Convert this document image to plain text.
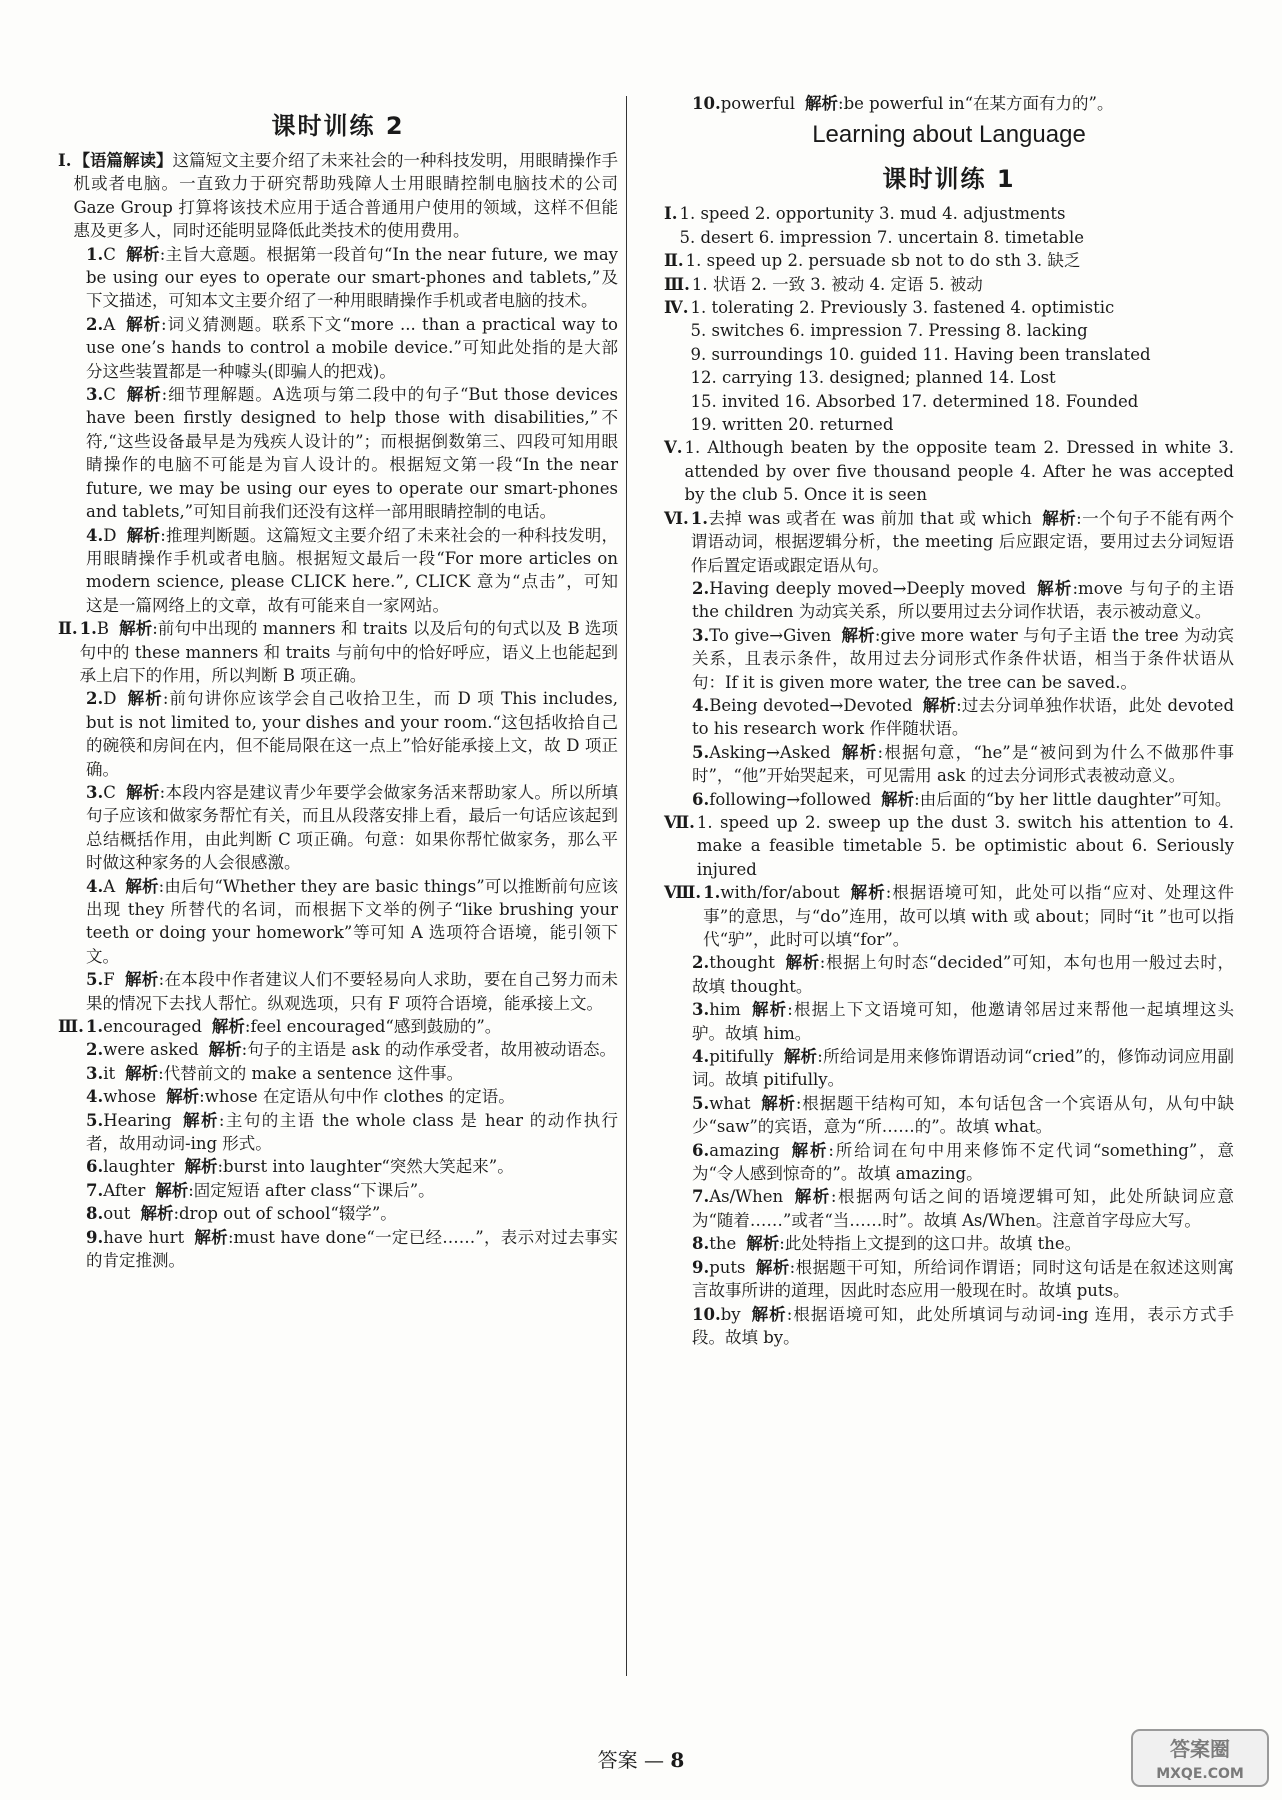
课时训练 2
Ⅰ. 【语篇解读】这篇短文主要介绍了未来社会的一种科技发明，用眼睛操作手机或者电脑。一直致力于研究帮助残障人士用眼睛控制电脑技术的公司 Gaze Group 打算将该技术应用于适合普通用户使用的领域，这样不但能惠及更多人，同时还能明显降低此类技术的使用费用。
1.C 解析:主旨大意题。根据第一段首句“In the near future, we may be using our eyes to operate our smart-phones and tablets,”及下文描述，可知本文主要介绍了一种用眼睛操作手机或者电脑的技术。
2.A 解析:词义猜测题。联系下文“more ... than a practical way to use one’s hands to control a mobile device.”可知此处指的是大部分这些装置都是一种噱头(即骗人的把戏)。
3.C 解析:细节理解题。A选项与第二段中的句子“But those devices have been firstly designed to help those with disabilities,”不符,“这些设备最早是为残疾人设计的”；而根据倒数第三、四段可知用眼睛操作的电脑不可能是为盲人设计的。根据短文第一段“In the near future, we may be using our eyes to operate our smart-phones and tablets,”可知目前我们还没有这样一部用眼睛控制的电话。
4.D 解析:推理判断题。这篇短文主要介绍了未来社会的一种科技发明，用眼睛操作手机或者电脑。根据短文最后一段“For more articles on modern science, please CLICK here.”, CLICK 意为“点击”，可知这是一篇网络上的文章，故有可能来自一家网站。
Ⅱ. 1.B 解析:前句中出现的 manners 和 traits 以及后句的句式以及 B 选项句中的 these manners 和 traits 与前句中的恰好呼应，语义上也能起到承上启下的作用，所以判断 B 项正确。
2.D 解析:前句讲你应该学会自己收拾卫生，而 D 项 This includes, but is not limited to, your dishes and your room.“这包括收拾自己的碗筷和房间在内，但不能局限在这一点上”恰好能承接上文，故 D 项正确。
3.C 解析:本段内容是建议青少年要学会做家务活来帮助家人。所以所填句子应该和做家务帮忙有关，而且从段落安排上看，最后一句话应该起到总结概括作用，由此判断 C 项正确。句意：如果你帮忙做家务，那么平时做这种家务的人会很感激。
4.A 解析:由后句“Whether they are basic things”可以推断前句应该出现 they 所替代的名词，而根据下文举的例子“like brushing your teeth or doing your homework”等可知 A 选项符合语境，能引领下文。
5.F 解析:在本段中作者建议人们不要轻易向人求助，要在自己努力而未果的情况下去找人帮忙。纵观选项，只有 F 项符合语境，能承接上文。
Ⅲ. 1.encouraged 解析:feel encouraged“感到鼓励的”。
2.were asked 解析:句子的主语是 ask 的动作承受者，故用被动语态。
3.it 解析:代替前文的 make a sentence 这件事。
4.whose 解析:whose 在定语从句中作 clothes 的定语。
5.Hearing 解析:主句的主语 the whole class 是 hear 的动作执行者，故用动词-ing 形式。
6.laughter 解析:burst into laughter“突然大笑起来”。
7.After 解析:固定短语 after class“下课后”。
8.out 解析:drop out of school“辍学”。
9.have hurt 解析:must have done“一定已经……”，表示对过去事实的肯定推测。
10.powerful 解析:be powerful in“在某方面有力的”。
Learning about Language
课时训练 1
Ⅰ. 1. speed 2. opportunity 3. mud 4. adjustments
5. desert 6. impression 7. uncertain 8. timetable
Ⅱ. 1. speed up 2. persuade sb not to do sth 3. 缺乏
Ⅲ. 1. 状语 2. 一致 3. 被动 4. 定语 5. 被动
Ⅳ. 1. tolerating 2. Previously 3. fastened 4. optimistic
5. switches 6. impression 7. Pressing 8. lacking
9. surroundings 10. guided 11. Having been translated
12. carrying 13. designed; planned 14. Lost
15. invited 16. Absorbed 17. determined 18. Founded
19. written 20. returned
Ⅴ. 1. Although beaten by the opposite team 2. Dressed in white 3. attended by over five thousand people 4. After he was accepted by the club 5. Once it is seen
Ⅵ. 1.去掉 was 或者在 was 前加 that 或 which 解析:一个句子不能有两个谓语动词，根据逻辑分析，the meeting 后应跟定语，要用过去分词短语作后置定语或跟定语从句。
2.Having deeply moved→Deeply moved 解析:move 与句子的主语 the children 为动宾关系，所以要用过去分词作状语，表示被动意义。
3.To give→Given 解析:give more water 与句子主语 the tree 为动宾关系，且表示条件，故用过去分词形式作条件状语，相当于条件状语从句：If it is given more water, the tree can be saved.。
4.Being devoted→Devoted 解析:过去分词单独作状语，此处 devoted to his research work 作伴随状语。
5.Asking→Asked 解析:根据句意，“he”是“被问到为什么不做那件事时”，“他”开始哭起来，可见需用 ask 的过去分词形式表被动意义。
6.following→followed 解析:由后面的“by her little daughter”可知。
Ⅶ. 1. speed up 2. sweep up the dust 3. switch his attention to 4. make a feasible timetable 5. be optimistic about 6. Seriously injured
Ⅷ. 1.with/for/about 解析:根据语境可知，此处可以指“应对、处理这件事”的意思，与“do”连用，故可以填 with 或 about；同时“it ”也可以指代“驴”，此时可以填“for”。
2.thought 解析:根据上句时态“decided”可知，本句也用一般过去时，故填 thought。
3.him 解析:根据上下文语境可知，他邀请邻居过来帮他一起填埋这头驴。故填 him。
4.pitifully 解析:所给词是用来修饰谓语动词“cried”的，修饰动词应用副词。故填 pitifully。
5.what 解析:根据题干结构可知，本句话包含一个宾语从句，从句中缺少“saw”的宾语，意为“所……的”。故填 what。
6.amazing 解析:所给词在句中用来修饰不定代词“something”，意为“令人感到惊奇的”。故填 amazing。
7.As/When 解析:根据两句话之间的语境逻辑可知，此处所缺词应意为“随着……”或者“当……时”。故填 As/When。注意首字母应大写。
8.the 解析:此处特指上文提到的这口井。故填 the。
9.puts 解析:根据题干可知，所给词作谓语；同时这句话是在叙述这则寓言故事所讲的道理，因此时态应用一般现在时。故填 puts。
10.by 解析:根据语境可知，此处所填词与动词-ing 连用，表示方式手段。故填 by。
答案 — 8	答案圈
MXQE.COM
